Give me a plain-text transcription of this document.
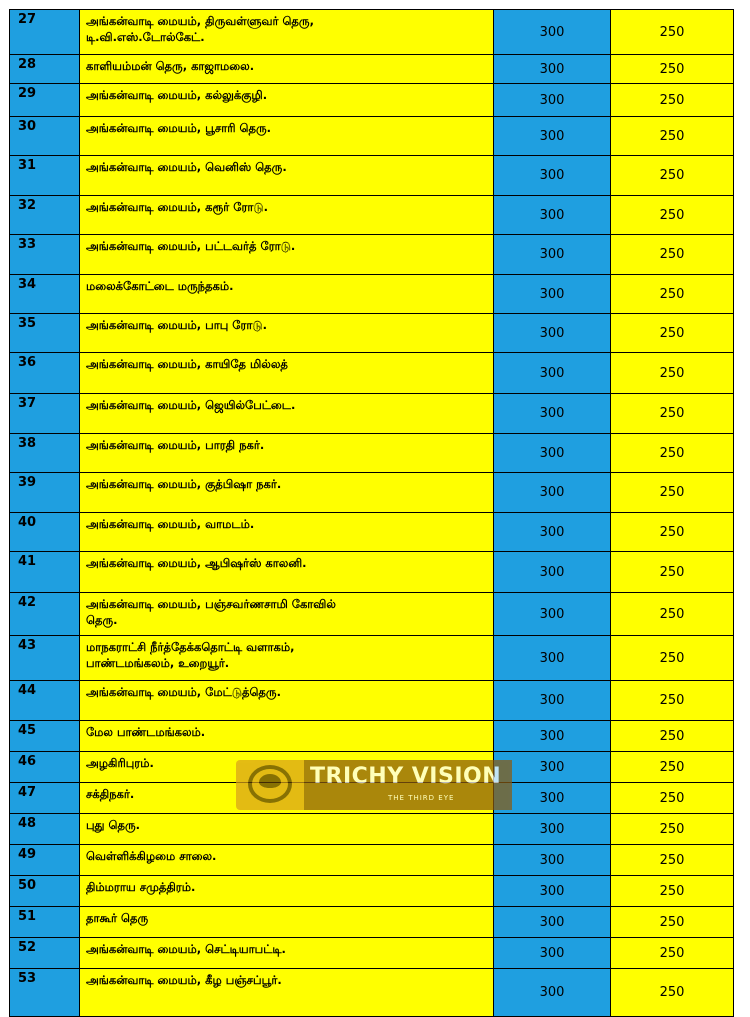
27	அங்கன்வாடி மையம், திருவள்ளுவர் தெரு,
டி.வி.எஸ்.டோல்கேட்.	300	250
28	காளியம்மன் தெரு, காஜாமலை.	300	250
29	அங்கன்வாடி மையம், கல்லுக்குழி.	300	250
30	அங்கன்வாடி மையம், பூசாரி தெரு.	300	250
31	அங்கன்வாடி மையம், வெனிஸ் தெரு.	300	250
32	அங்கன்வாடி மையம், கரூர் ரோடு.	300	250
33	அங்கன்வாடி மையம், பட்டவர்த் ரோடு.	300	250
34	மலைக்கோட்டை மருந்தகம்.	300	250
35	அங்கன்வாடி மையம், பாபு ரோடு.	300	250
36	அங்கன்வாடி மையம், காயிதே மில்லத்	300	250
37	அங்கன்வாடி மையம், ஜெயில்பேட்டை.	300	250
38	அங்கன்வாடி மையம், பாரதி நகர்.	300	250
39	அங்கன்வாடி மையம், குத்பிஷா நகர்.	300	250
40	அங்கன்வாடி மையம், வாமடம்.	300	250
41	அங்கன்வாடி மையம், ஆபிஷர்ஸ் காலனி.	300	250
42	அங்கன்வாடி மையம், பஞ்சவர்ணசாமி கோவில்
தெரு.	300	250
43	மாநகராட்சி நீர்த்தேக்கதொட்டி வளாகம்,
பாண்டமங்கலம், உறையூர்.	300	250
44	அங்கன்வாடி மையம், மேட்டுத்தெரு.	300	250
45	மேல பாண்டமங்கலம்.	300	250
46	அழகிரிபுரம்.	300	250
47	சக்திநகர்.	300	250
48	புது தெரு.	300	250
49	வெள்ளிக்கிழமை சாலை.	300	250
50	திம்மராய சமுத்திரம்.	300	250
51	தாகூர் தெரு	300	250
52	அங்கன்வாடி மையம், செட்டியாபட்டி.	300	250
53	அங்கன்வாடி மையம், கீழ பஞ்சப்பூர்.	300	250
TRICHY VISION
THE THIRD EYE
